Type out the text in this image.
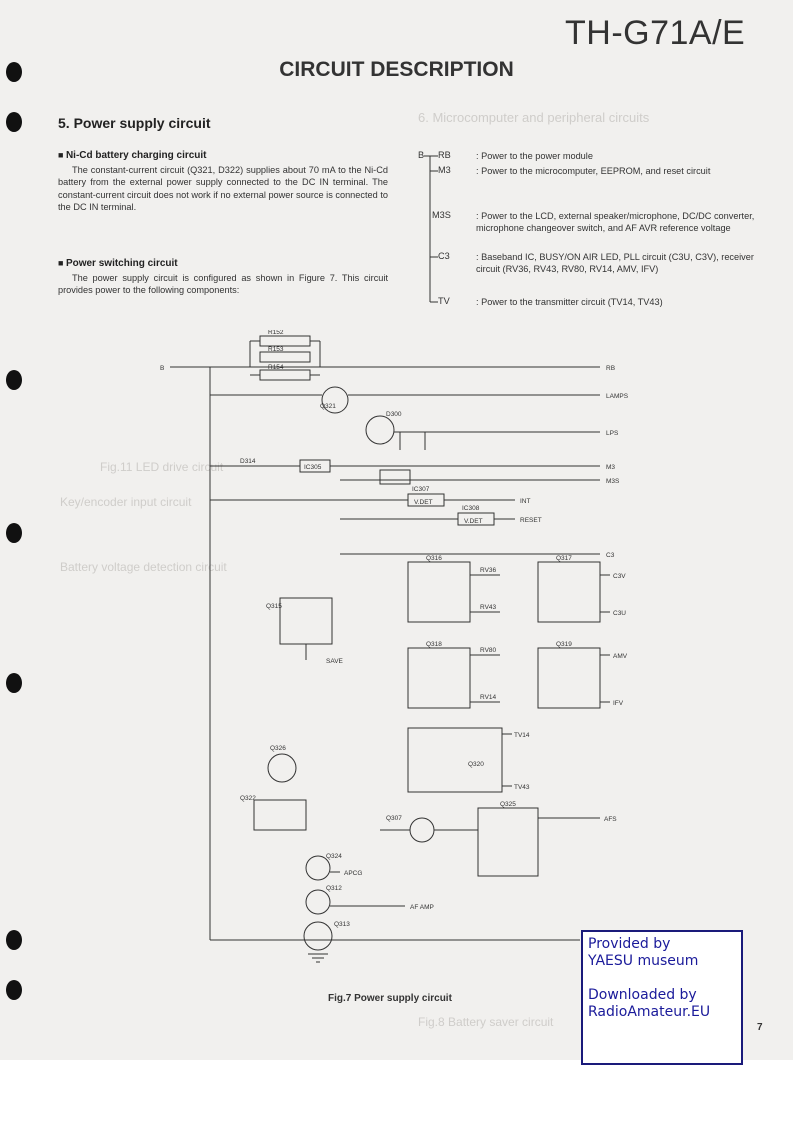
6. Microcomputer and peripheral circuits
Battery voltage detection circuit
Fig.11 LED drive circuit
Key/encoder input circuit
Fig.8 Battery saver circuit
TH-G71A/E
CIRCUIT DESCRIPTION
5. Power supply circuit
■ Ni-Cd battery charging circuit
The constant-current circuit (Q321, D322) supplies about 70 mA to the Ni-Cd battery from the external power supply connected to the DC IN terminal. The constant-current circuit does not work if no external power source is connected to the DC IN terminal.
■ Power switching circuit
The power supply circuit is configured as shown in Figure 7. This circuit provides power to the following components:
B RB	: Power to the power module
M3	: Power to the microcomputer, EEPROM, and reset circuit
M3S	: Power to the LCD, external speaker/microphone, DC/DC converter, microphone changeover switch, and AF AVR reference voltage
C3	: Baseband IC, BUSY/ON AIR LED, PLL circuit (C3U, C3V), receiver circuit (RV36, RV43, RV80, RV14, AMV, IFV)
TV	: Power to the transmitter circuit (TV14, TV43)
B	RB
LAMPS
LPS
M3
M3S
INT
RESET
C3
C3V
C3U
AMV
IFV
RV36
RV43
RV80
RV14
TV14
TV43
SAVE
APCG
AF AMP
AFS
R152
R153
R154
Q321
D300
D314
IC305
IC307
V.DET
IC308
V.DET
Q316	Q317
Q315
Q318	Q319
Q326
Q320
Q322
Q307
Q325
Q324
Q312
Q313
Fig.7 Power supply circuit
7
Provided by
YAESU museum
Downloaded by
RadioAmateur.EU
